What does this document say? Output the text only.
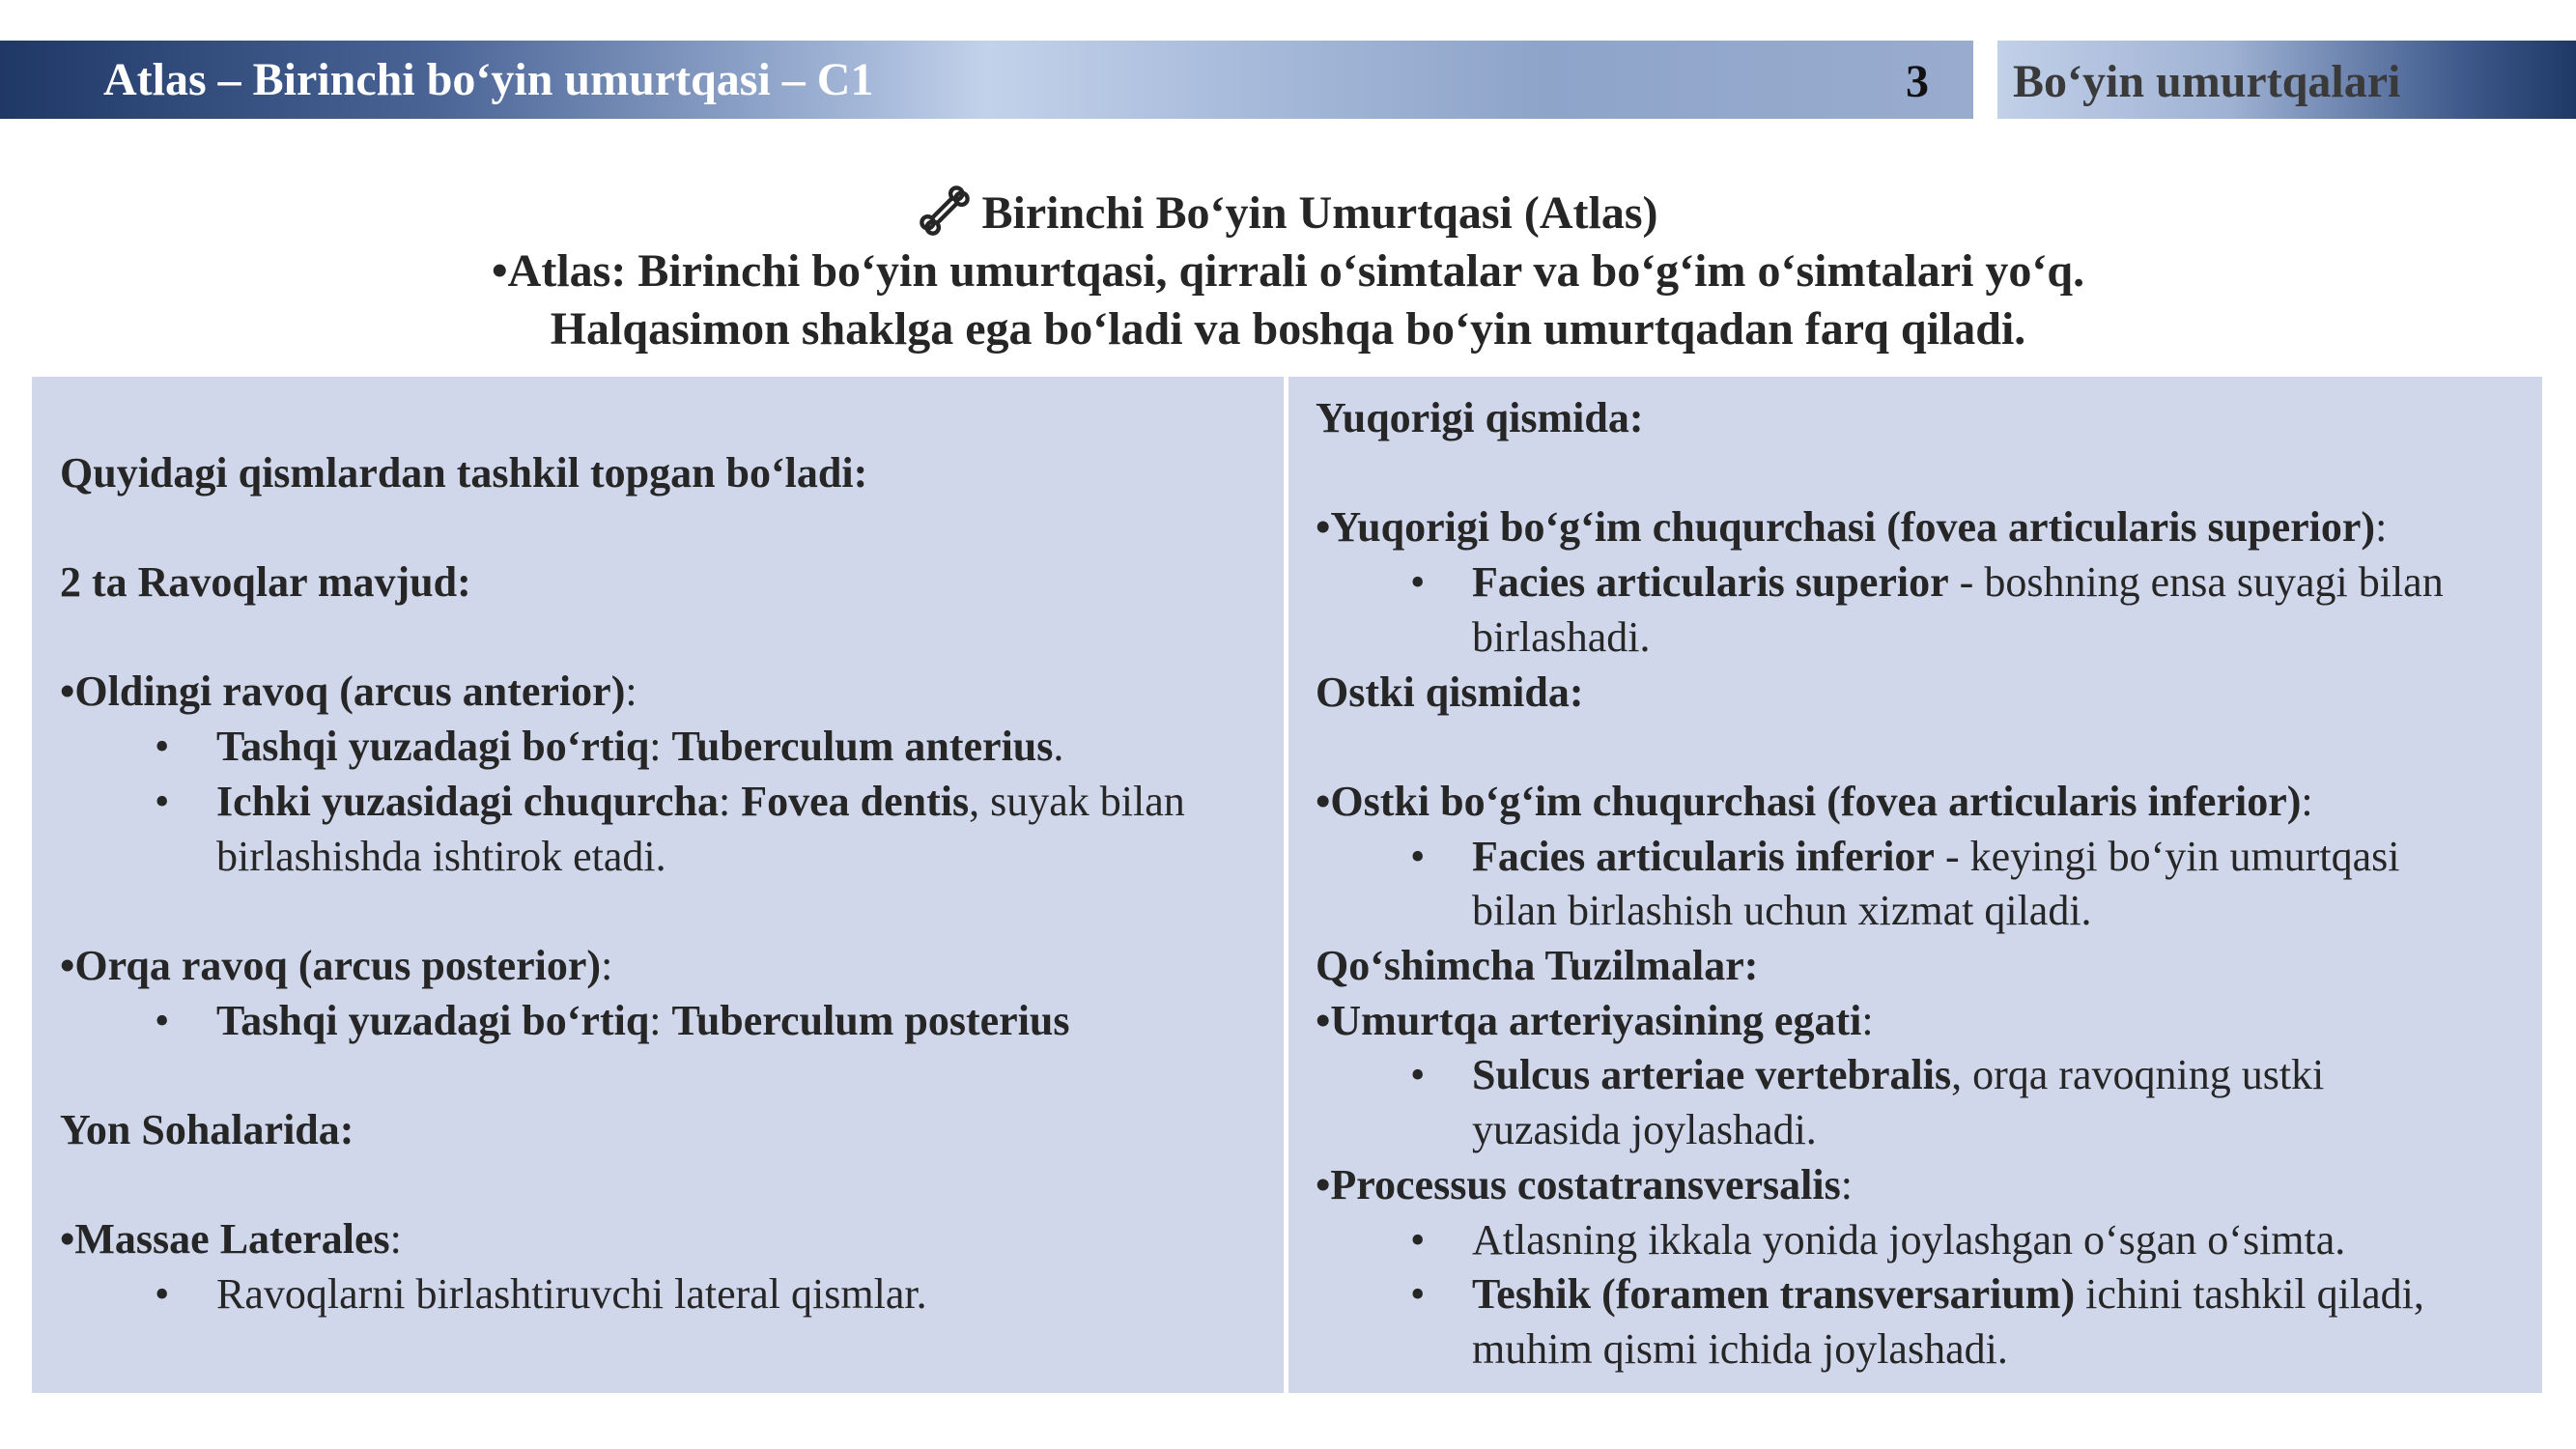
Atlas – Birinchi bo‘yin umurtqasi – C1	3	Bo‘yin umurtqalari
Birinchi Bo‘yin Umurtqasi (Atlas)
•Atlas: Birinchi bo‘yin umurtqasi, qirrali o‘simtalar va bo‘g‘im o‘simtalari yo‘q.
Halqasimon shaklga ega bo‘ladi va boshqa bo‘yin umurtqadan farq qiladi.
Quyidagi qismlardan tashkil topgan bo‘ladi:
2 ta Ravoqlar mavjud:
•Oldingi ravoq (arcus anterior):
• Tashqi yuzadagi bo‘rtiq: Tuberculum anterius.
• Ichki yuzasidagi chuqurcha: Fovea dentis, suyak bilan
birlashishda ishtirok etadi.
•Orqa ravoq (arcus posterior):
• Tashqi yuzadagi bo‘rtiq: Tuberculum posterius
Yon Sohalarida:
•Massae Laterales:
• Ravoqlarni birlashtiruvchi lateral qismlar.
Yuqorigi qismida:
•Yuqorigi bo‘g‘im chuqurchasi (fovea articularis superior):
• Facies articularis superior - boshning ensa suyagi bilan
birlashadi.
Ostki qismida:
•Ostki bo‘g‘im chuqurchasi (fovea articularis inferior):
• Facies articularis inferior - keyingi bo‘yin umurtqasi
bilan birlashish uchun xizmat qiladi.
Qo‘shimcha Tuzilmalar:
•Umurtqa arteriyasining egati:
• Sulcus arteriae vertebralis, orqa ravoqning ustki
yuzasida joylashadi.
•Processus costatransversalis:
• Atlasning ikkala yonida joylashgan o‘sgan o‘simta.
• Teshik (foramen transversarium) ichini tashkil qiladi,
muhim qismi ichida joylashadi.
